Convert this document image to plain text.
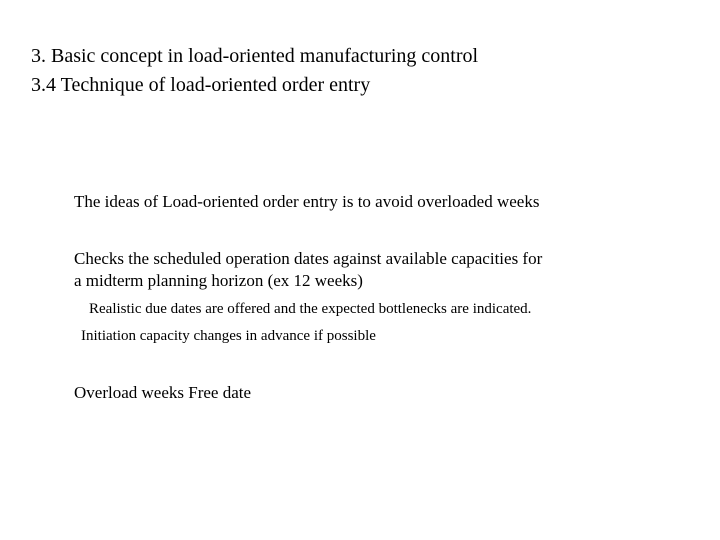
3. Basic concept in load-oriented manufacturing control
3.4 Technique of load-oriented order entry
The ideas of Load-oriented order entry is to avoid overloaded weeks
Checks the scheduled operation dates against available capacities for
a midterm planning horizon (ex 12 weeks)
Realistic due dates are offered and the expected bottlenecks are indicated.
Initiation capacity changes in advance if possible
Overload weeks Free date
